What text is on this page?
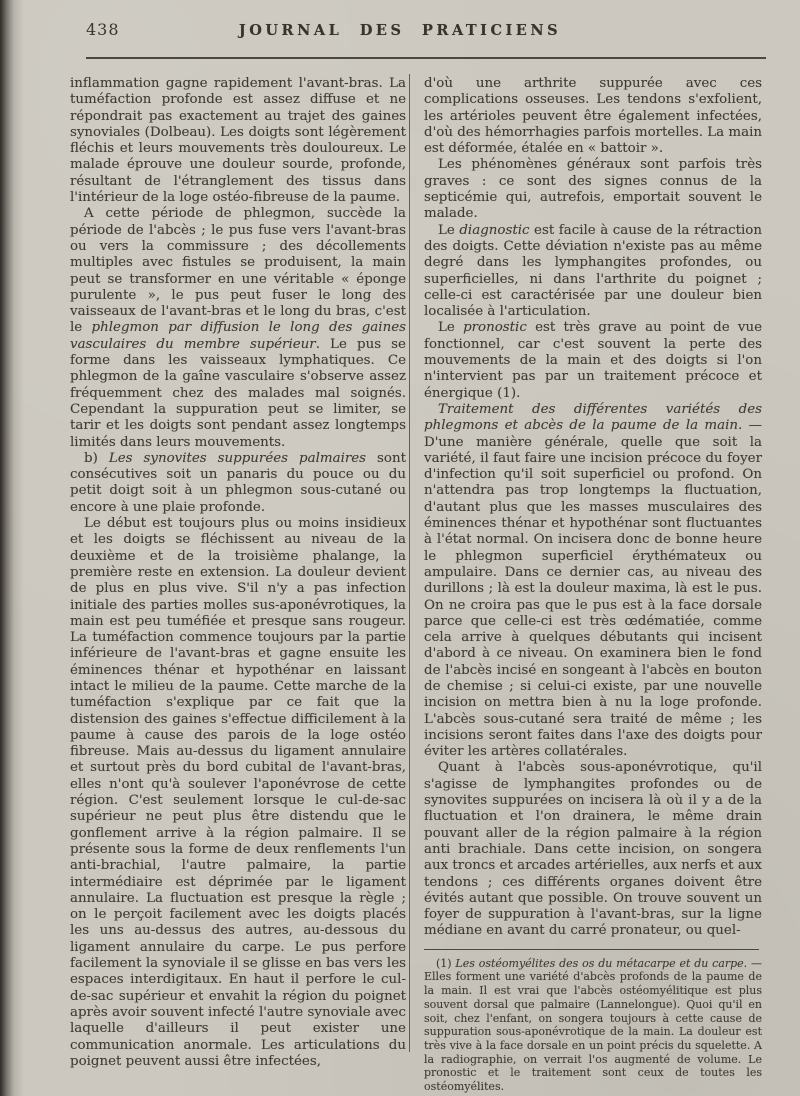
438	JOURNAL DES PRATICIENS

inflammation gagne rapidement l'avant-bras. La tuméfaction profonde est assez diffuse et ne répondrait pas exactement au trajet des gaines synoviales (Dolbeau). Les doigts sont légèrement fléchis et leurs mouvements très douloureux. Le malade éprouve une douleur sourde, profonde, résultant de l'étranglement des tissus dans l'intérieur de la loge ostéo-fibreuse de la paume.

A cette période de phlegmon, succède la période de l'abcès ; le pus fuse vers l'avant-bras ou vers la commissure ; des décollements multiples avec fistules se produisent, la main peut se transformer en une véritable « éponge purulente », le pus peut fuser le long des vaisseaux de l'avant-bras et le long du bras, c'est le phlegmon par diffusion le long des gaines vasculaires du membre supérieur. Le pus se forme dans les vaisseaux lymphatiques. Ce phlegmon de la gaîne vasculaire s'observe assez fréquemment chez des malades mal soignés. Cependant la suppuration peut se limiter, se tarir et les doigts sont pendant assez longtemps limités dans leurs mouvements.

b) Les synovites suppurées palmaires sont consécutives soit un panaris du pouce ou du petit doigt soit à un phlegmon sous-cutané ou encore à une plaie profonde.

Le début est toujours plus ou moins insidieux et les doigts se fléchissent au niveau de la deuxième et de la troisième phalange, la première reste en extension. La douleur devient de plus en plus vive. S'il n'y a pas infection initiale des parties molles sus-aponévrotiques, la main est peu tuméfiée et presque sans rougeur. La tuméfaction commence toujours par la partie inférieure de l'avant-bras et gagne ensuite les éminences thénar et hypothénar en laissant intact le milieu de la paume. Cette marche de la tuméfaction s'explique par ce fait que la distension des gaines s'effectue difficilement à la paume à cause des parois de la loge ostéo fibreuse. Mais au-dessus du ligament annulaire et surtout près du bord cubital de l'avant-bras, elles n'ont qu'à soulever l'aponévrose de cette région. C'est seulement lorsque le cul-de-sac supérieur ne peut plus être distendu que le gonflement arrive à la région palmaire. Il se présente sous la forme de deux renflements l'un anti-brachial, l'autre palmaire, la partie intermédiaire est déprimée par le ligament annulaire. La fluctuation est presque la règle ; on le perçoit facilement avec les doigts placés les uns au-dessus des autres, au-dessous du ligament annulaire du carpe. Le pus perfore facilement la synoviale il se glisse en bas vers les espaces interdigitaux. En haut il perfore le cul-de-sac supérieur et envahit la région du poignet après avoir souvent infecté l'autre synoviale avec laquelle d'ailleurs il peut exister une communication anormale. Les articulations du poignet peuvent aussi être infectées,

d'où une arthrite suppurée avec ces complications osseuses. Les tendons s'exfolient, les artérioles peuvent être également infectées, d'où des hémorrhagies parfois mortelles. La main est déformée, étalée en « battoir ».

Les phénomènes généraux sont parfois très graves : ce sont des signes connus de la septicémie qui, autrefois, emportait souvent le malade.

Le diagnostic est facile à cause de la rétraction des doigts. Cette déviation n'existe pas au même degré dans les lymphangites profondes, ou superficielles, ni dans l'arthrite du poignet ; celle-ci est caractérisée par une douleur bien localisée à l'articulation.

Le pronostic est très grave au point de vue fonctionnel, car c'est souvent la perte des mouvements de la main et des doigts si l'on n'intervient pas par un traitement précoce et énergique (1).

Traitement des différentes variétés des phlegmons et abcès de la paume de la main. — D'une manière générale, quelle que soit la variété, il faut faire une incision précoce du foyer d'infection qu'il soit superficiel ou profond. On n'attendra pas trop longtemps la fluctuation, d'autant plus que les masses musculaires des éminences thénar et hypothénar sont fluctuantes à l'état normal. On incisera donc de bonne heure le phlegmon superficiel érythémateux ou ampulaire. Dans ce dernier cas, au niveau des durillons ; là est la douleur maxima, là est le pus. On ne croira pas que le pus est à la face dorsale parce que celle-ci est très œdématiée, comme cela arrive à quelques débutants qui incisent d'abord à ce niveau. On examinera bien le fond de l'abcès incisé en songeant à l'abcès en bouton de chemise ; si celui-ci existe, par une nouvelle incision on mettra bien à nu la loge profonde. L'abcès sous-cutané sera traité de même ; les incisions seront faites dans l'axe des doigts pour éviter les artères collatérales.

Quant à l'abcès sous-aponévrotique, qu'il s'agisse de lymphangites profondes ou de synovites suppurées on incisera là où il y a de la fluctuation et l'on drainera, le même drain pouvant aller de la région palmaire à la région anti brachiale. Dans cette incision, on songera aux troncs et arcades artérielles, aux nerfs et aux tendons ; ces différents organes doivent être évités autant que possible. On trouve souvent un foyer de suppuration à l'avant-bras, sur la ligne médiane en avant du carré pronateur, ou quel-

(1) Les ostéomyélites des os du métacarpe et du carpe. — Elles forment une variété d'abcès profonds de la paume de la main. Il est vrai que l'abcès ostéomyélitique est plus souvent dorsal que palmaire (Lannelongue). Quoi qu'il en soit, chez l'enfant, on songera toujours à cette cause de suppuration sous-aponévrotique de la main. La douleur est très vive à la face dorsale en un point précis du squelette. A la radiographie, on verrait l'os augmenté de volume. Le pronostic et le traitement sont ceux de toutes les ostéomyélites.
